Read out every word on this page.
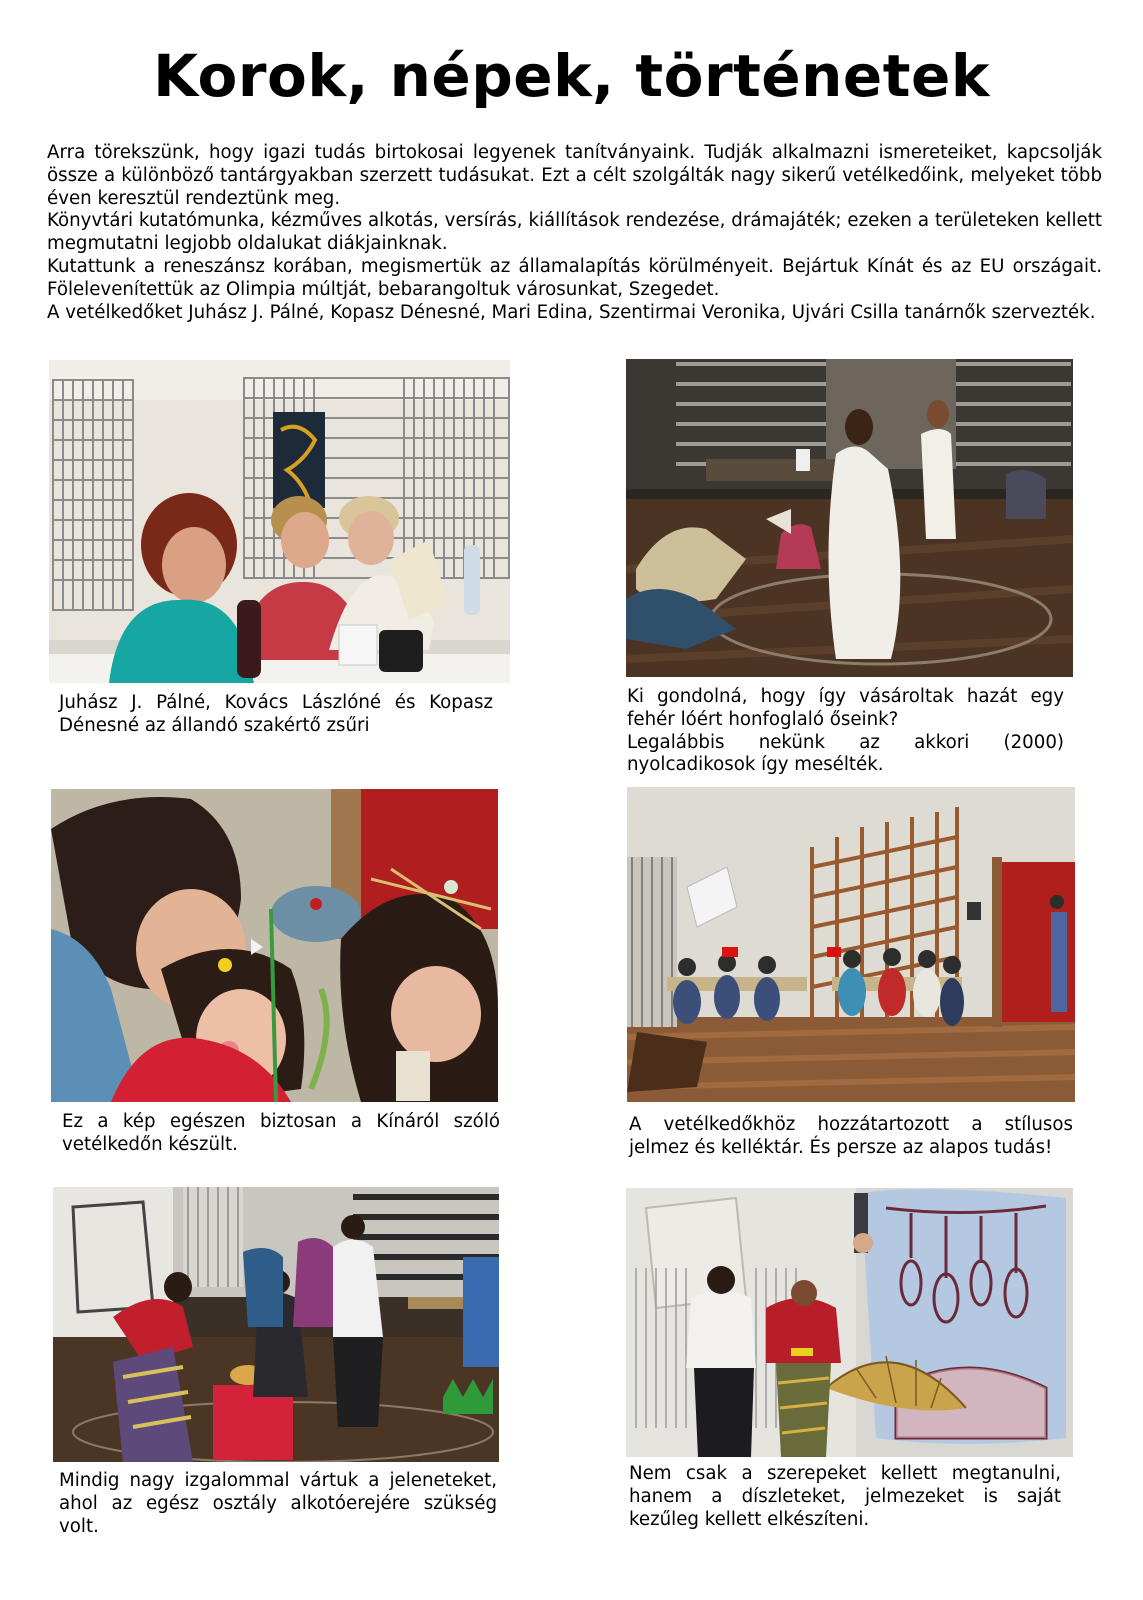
Korok, népek, történetek

Arra törekszünk, hogy igazi tudás birtokosai legyenek tanítványaink. Tudják alkalmazni ismereteiket, kapcsolják össze a különböző tantárgyakban szerzett tudásukat. Ezt a célt szolgálták nagy sikerű vetélkedőink, melyeket több éven keresztül rendeztünk meg.

Könyvtári kutatómunka, kézműves alkotás, versírás, kiállítások rendezése, drámajáték; ezeken a területeken kellett megmutatni legjobb oldalukat diákjainknak.

Kutattunk a reneszánsz korában, megismertük az államalapítás körülményeit. Bejártuk Kínát és az EU országait. Fölelevenítettük az Olimpia múltját, bebarangoltuk városunkat, Szegedet.

A vetélkedőket Juhász J. Pálné, Kopasz Dénesné, Mari Edina, Szentirmai Veronika, Ujvári Csilla tanárnők szervezték.

Juhász J. Pálné, Kovács Lászlóné és Kopasz Dénesné az állandó szakértő zsűri

Ki gondolná, hogy így vásároltak hazát egy fehér lóért honfoglaló őseink?

Legalábbis nekünk az akkori (2000) nyolcadikosok így mesélték.

Ez a kép egészen biztosan a Kínáról szóló vetélkedőn készült.

A vetélkedőkhöz hozzátartozott a stílusos jelmez és kelléktár. És persze az alapos tudás!

Mindig nagy izgalommal vártuk a jeleneteket, ahol az egész osztály alkotóerejére szükség volt.

Nem csak a szerepeket kellett megtanulni, hanem a díszleteket, jelmezeket is saját kezűleg kellett elkészíteni.
